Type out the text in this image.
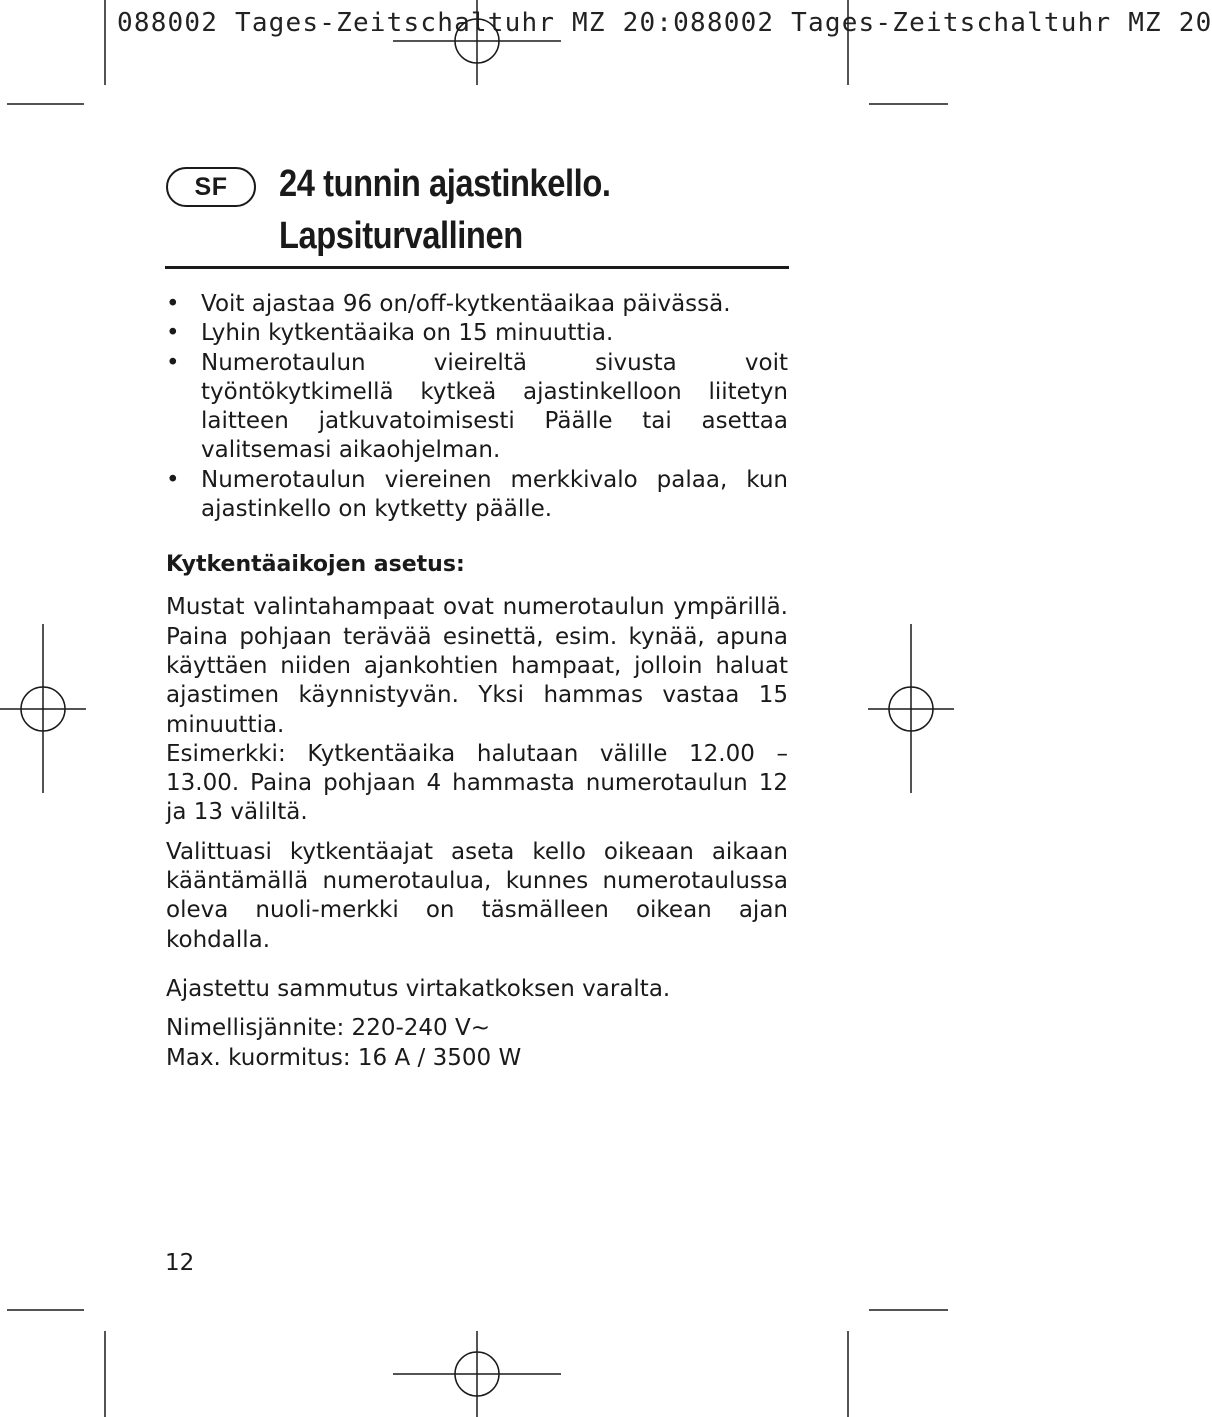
088002 Tages-Zeitschaltuhr MZ 20:088002 Tages-Zeitschaltuhr MZ 20
SF	24 tunnin ajastinkello.
Lapsiturvallinen
• Voit ajastaa 96 on/off-kytkentäaikaa päivässä.
• Lyhin kytkentäaika on 15 minuuttia.
• Numerotaulun vieireltä sivusta voit työntökytkimellä kytkeä ajastinkelloon liitetyn laitteen jatkuvatoimisesti Päälle tai asettaa valitsemasi aikaohjelman.
• Numerotaulun viereinen merkkivalo palaa, kun ajastinkello on kytketty päälle.
Kytkentäaikojen asetus:

Mustat valintahampaat ovat numerotaulun ympärillä. Paina pohjaan terävää esinettä, esim. kynää, apuna käyttäen niiden ajankohtien hampaat, jolloin haluat ajastimen käynnistyvän. Yksi hammas vastaa 15 minuuttia.

Esimerkki: Kytkentäaika halutaan välille 12.00 – 13.00. Paina pohjaan 4 hammasta numerotaulun 12 ja 13 väliltä.

Valittuasi kytkentäajat aseta kello oikeaan aikaan kääntämällä numerotaulua, kunnes numerotaulussa oleva nuoli-merkki on täsmälleen oikean ajan kohdalla.

Ajastettu sammutus virtakatkoksen varalta.

Nimellisjännite: 220-240 V~

Max. kuormitus: 16 A / 3500 W

12
